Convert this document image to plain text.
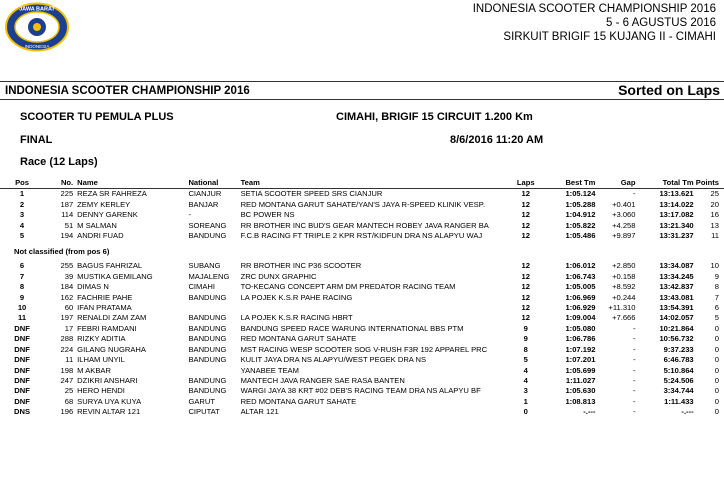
JAWA BARAT
INDONESIA
INDONESIA SCOOTER CHAMPIONSHIP 2016
5 - 6 AGUSTUS 2016
SIRKUIT BRIGIF 15 KUJANG II - CIMAHI
INDONESIA SCOOTER CHAMPIONSHIP 2016	Sorted on Laps
SCOOTER TU PEMULA PLUS	CIMAHI, BRIGIF 15 CIRCUIT 1.200 Km
FINAL	8/6/2016 11:20 AM
Race (12 Laps)
Pos	No.	Name	National	Team	Laps	Best Tm	Gap	Total Tm	Points
1	225	REZA SR FAHREZA	CIANJUR	SETIA SCOOTER SPEED SRS CIANJUR	12	1:05.124	-	13:13.621	25
2	187	ZEMY KERLEY	BANJAR	RED MONTANA GARUT SAHATE/YAN'S JAYA R-SPEED KLINIK VESP.	12	1:05.288	+0.401	13:14.022	20
3	114	DENNY GARENK	-	BC POWER NS	12	1:04.912	+3.060	13:17.082	16
4	51	M SALMAN	SOREANG	RR BROTHER INC BUD'S GEAR MANTECH ROBEY JAVA RANGER BA	12	1:05.822	+4.258	13:21.340	13
5	194	ANDRI FUAD	BANDUNG	F.C.B RACING FT TRIPLE 2 KPR RST/KIDFUN DRA NS ALAPYU WAJ	12	1:05.486	+9.897	13:31.237	11
Not classified (from pos 6)									

6	255	BAGUS FAHRIZAL	SUBANG	RR BROTHER INC P36 SCOOTER	12	1:06.012	+2.850	13:34.087	10
7	39	MUSTIKA GEMILANG	MAJALENG	ZRC DUNX GRAPHIC	12	1:06.743	+0.158	13:34.245	9
8	184	DIMAS N	CIMAHI	TO-KECANG CONCEPT ARM DM PREDATOR RACING TEAM	12	1:05.005	+8.592	13:42.837	8
9	162	FACHRIE PAHE	BANDUNG	LA POJEK K.S.R PAHE RACING	12	1:06.969	+0.244	13:43.081	7
10	60	IFAN PRATAMA			12	1:06.929	+11.310	13:54.391	6
11	197	RENALDI ZAM ZAM	BANDUNG	LA POJEK K.S.R RACING HBRT	12	1:09.004	+7.666	14:02.057	5
DNF	17	FEBRI RAMDANI	BANDUNG	BANDUNG SPEED RACE WARUNG INTERNATIONAL BBS PTM	9	1:05.080	-	10:21.864	0
DNF	288	RIZKY ADITIA	BANDUNG	RED MONTANA GARUT SAHATE	9	1:06.786	-	10:56.732	0
DNF	224	GILANG NUGRAHA	BANDUNG	MST RACING WESP SCOOTER SOG V-RUSH F3R 192 APPAREL PRC	8	1:07.192	-	9:37.233	0
DNF	11	ILHAM UNYIL	BANDUNG	KULIT JAYA DRA NS ALAPYU/WEST PEGEK DRA NS	5	1:07.201	-	6:46.783	0
DNF	198	M AKBAR		YANABEE TEAM	4	1:05.699	-	5:10.864	0
DNF	247	DZIKRI ANSHARI	BANDUNG	MANTECH JAVA RANGER SAE RASA BANTEN	4	1:11.027	-	5:24.506	0
DNF	25	HERO HENDI	BANDUNG	WARGI JAYA 38 KRT #02 DEB'S RACING TEAM DRA NS ALAPYU BF	3	1:05.630	-	3:34.744	0
DNF	68	SURYA UYA KUYA	GARUT	RED MONTANA GARUT SAHATE	1	1:08.813	-	1:11.433	0
DNS	196	REVIN ALTAR 121	CIPUTAT	ALTAR 121	0	-.---	-	-.---	0
